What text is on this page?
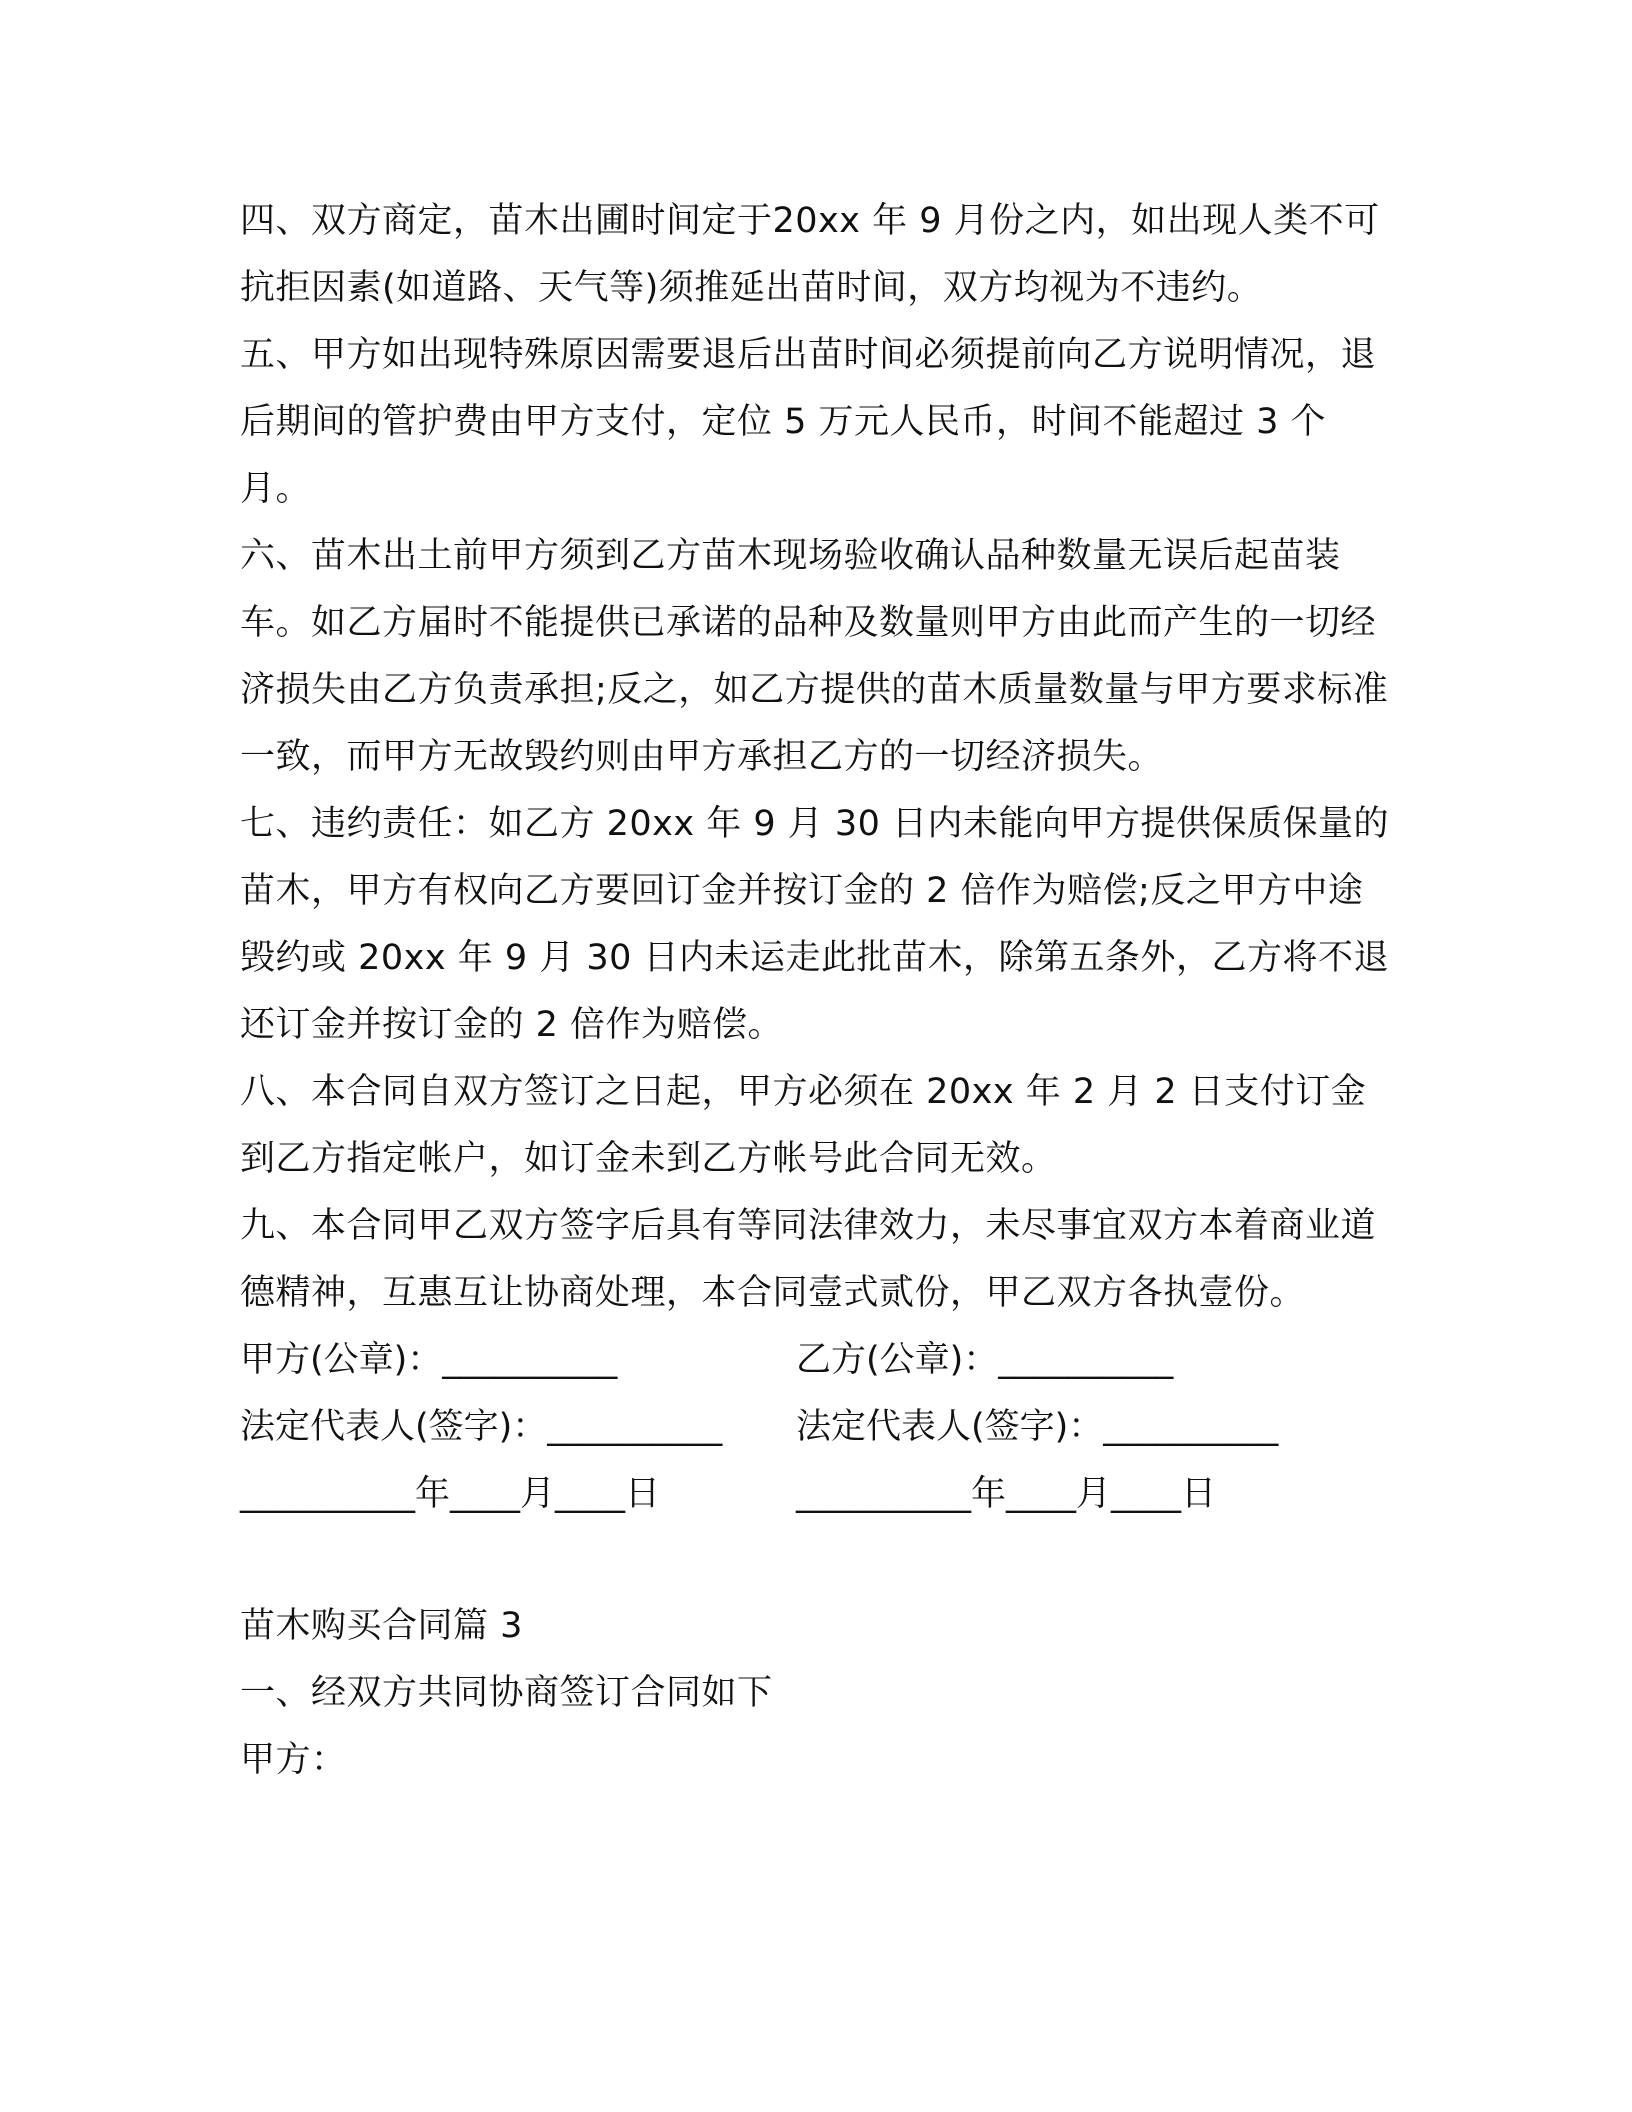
四、双方商定，苗木出圃时间定于20xx 年 9 月份之内，如出现人类不可抗拒因素(如道路、天气等)须推延出苗时间，双方均视为不违约。

五、甲方如出现特殊原因需要退后出苗时间必须提前向乙方说明情况，退后期间的管护费由甲方支付，定位 5 万元人民币，时间不能超过 3 个月。

六、苗木出土前甲方须到乙方苗木现场验收确认品种数量无误后起苗装车。如乙方届时不能提供已承诺的品种及数量则甲方由此而产生的一切经济损失由乙方负责承担;反之，如乙方提供的苗木质量数量与甲方要求标准一致，而甲方无故毁约则由甲方承担乙方的一切经济损失。

七、违约责任：如乙方 20xx 年 9 月 30 日内未能向甲方提供保质保量的苗木，甲方有权向乙方要回订金并按订金的 2 倍作为赔偿;反之甲方中途毁约或 20xx 年 9 月 30 日内未运走此批苗木，除第五条外，乙方将不退还订金并按订金的 2 倍作为赔偿。

八、本合同自双方签订之日起，甲方必须在 20xx 年 2 月 2 日支付订金到乙方指定帐户，如订金未到乙方帐号此合同无效。

九、本合同甲乙双方签字后具有等同法律效力，未尽事宜双方本着商业道德精神，互惠互让协商处理，本合同壹式贰份，甲乙双方各执壹份。

甲方(公章)：__________	乙方(公章)：__________
法定代表人(签字)：__________	法定代表人(签字)：__________
__________年____月____日	__________年____月____日

苗木购买合同篇 3

一、经双方共同协商签订合同如下

甲方：
